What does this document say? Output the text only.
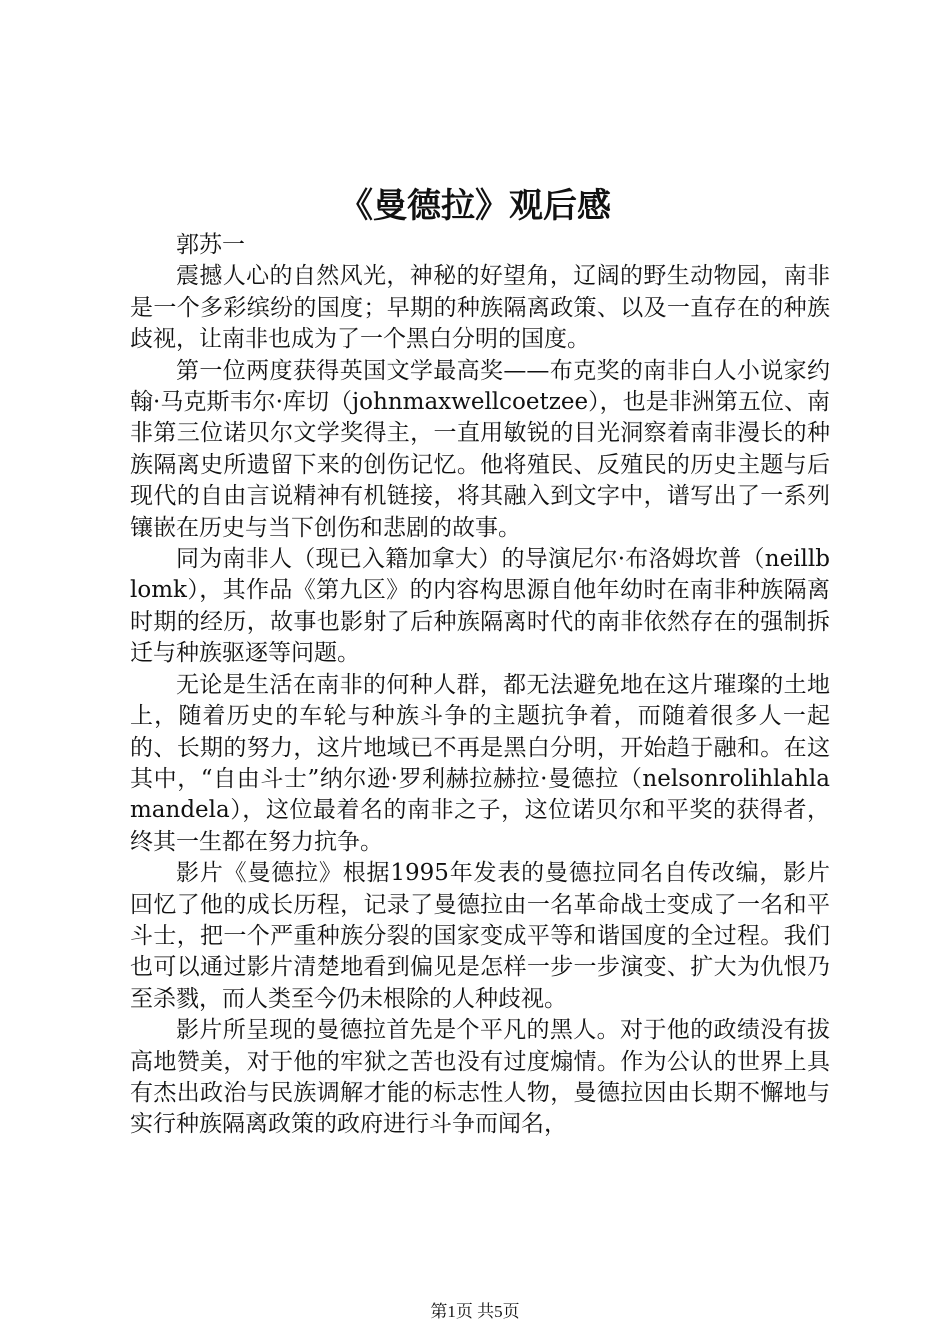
《曼德拉》观后感

郭苏一

震撼人心的自然风光，神秘的好望角，辽阔的野生动物园，南非是一个多彩缤纷的国度；早期的种族隔离政策、以及一直存在的种族歧视，让南非也成为了一个黑白分明的国度。

第一位两度获得英国文学最高奖——布克奖的南非白人小说家约翰·马克斯韦尔·库切（johnmaxwellcoetzee），也是非洲第五位、南非第三位诺贝尔文学奖得主，一直用敏锐的目光洞察着南非漫长的种族隔离史所遗留下来的创伤记忆。他将殖民、反殖民的历史主题与后现代的自由言说精神有机链接，将其融入到文字中，谱写出了一系列镶嵌在历史与当下创伤和悲剧的故事。

同为南非人（现已入籍加拿大）的导演尼尔·布洛姆坎普（neillblomk），其作品《第九区》的内容构思源自他年幼时在南非种族隔离时期的经历，故事也影射了后种族隔离时代的南非依然存在的强制拆迁与种族驱逐等问题。

无论是生活在南非的何种人群，都无法避免地在这片璀璨的土地上，随着历史的车轮与种族斗争的主题抗争着，而随着很多人一起的、长期的努力，这片地域已不再是黑白分明，开始趋于融和。在这其中，“自由斗士”纳尔逊·罗利赫拉赫拉·曼德拉（nelsonrolihlahlamandela），这位最着名的南非之子，这位诺贝尔和平奖的获得者，终其一生都在努力抗争。

影片《曼德拉》根据1995年发表的曼德拉同名自传改编，影片回忆了他的成长历程，记录了曼德拉由一名革命战士变成了一名和平斗士，把一个严重种族分裂的国家变成平等和谐国度的全过程。我们也可以通过影片清楚地看到偏见是怎样一步一步演变、扩大为仇恨乃至杀戮，而人类至今仍未根除的人种歧视。

影片所呈现的曼德拉首先是个平凡的黑人。对于他的政绩没有拔高地赞美，对于他的牢狱之苦也没有过度煽情。作为公认的世界上具有杰出政治与民族调解才能的标志性人物，曼德拉因由长期不懈地与实行种族隔离政策的政府进行斗争而闻名，

第1页 共5页
